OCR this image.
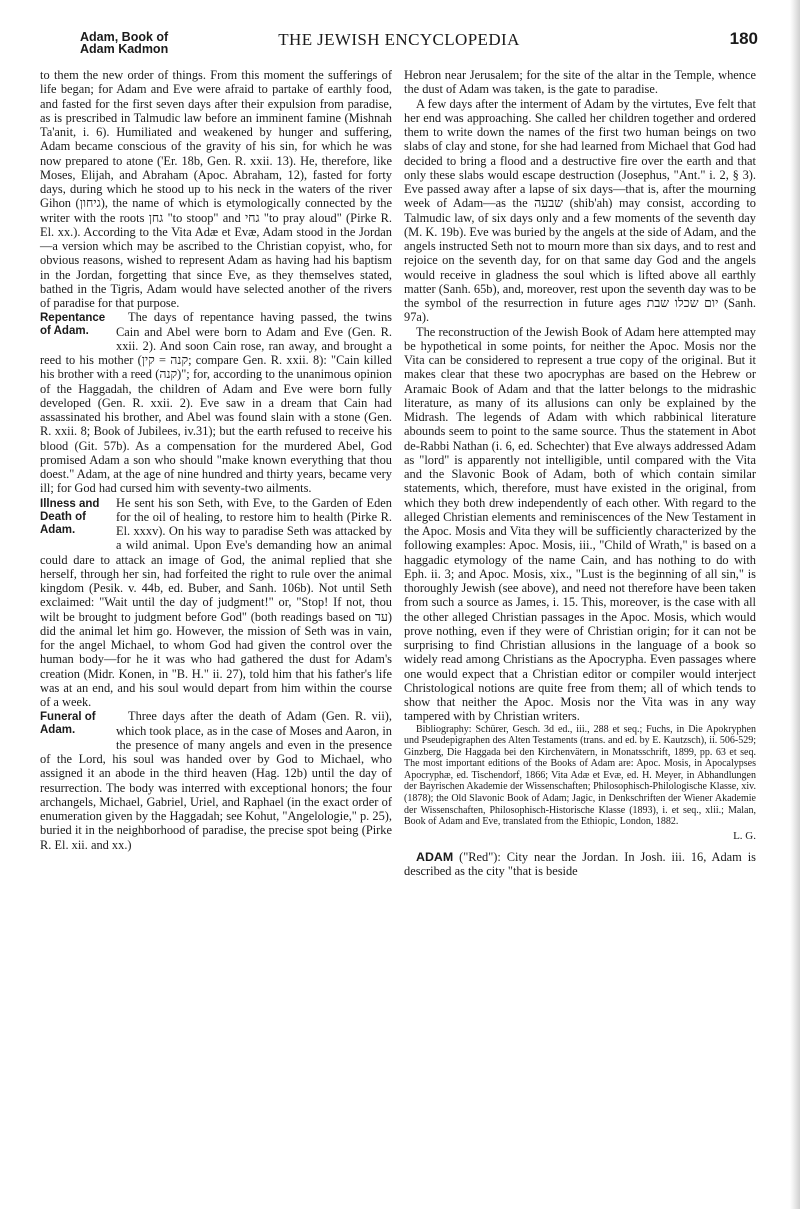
Adam, Book of
Adam Kadmon	THE JEWISH ENCYCLOPEDIA	180

to them the new order of things. From this moment the sufferings of life began; for Adam and Eve were afraid to partake of earthly food, and fasted for the first seven days after their expulsion from paradise, as is prescribed in Talmudic law before an imminent famine (Mishnah Ta'anit, i. 6). Humiliated and weakened by hunger and suffering, Adam became conscious of the gravity of his sin, for which he was now prepared to atone ('Er. 18b, Gen. R. xxii. 13). He, therefore, like Moses, Elijah, and Abraham (Apoc. Abraham, 12), fasted for forty days, during which he stood up to his neck in the waters of the river Gihon (גיחון), the name of which is etymologically connected by the writer with the roots גחן "to stoop" and גחי "to pray aloud" (Pirke R. El. xx.). According to the Vita Adæ et Evæ, Adam stood in the Jordan—a version which may be ascribed to the Christian copyist, who, for obvious reasons, wished to represent Adam as having had his baptism in the Jordan, forgetting that since Eve, as they themselves stated, bathed in the Tigris, Adam would have selected another of the rivers of paradise for that purpose.

Repentance of Adam.

The days of repentance having passed, the twins Cain and Abel were born to Adam and Eve (Gen. R. xxii. 2). And soon Cain rose, ran away, and brought a reed to his mother (קנה = קין; compare Gen. R. xxii. 8): "Cain killed his brother with a reed (קנה)"; for, according to the unanimous opinion of the Haggadah, the children of Adam and Eve were born fully developed (Gen. R. xxii. 2). Eve saw in a dream that Cain had assassinated his brother, and Abel was found slain with a stone (Gen. R. xxii. 8; Book of Jubilees, iv.31); but the earth refused to receive his blood (Git. 57b). As a compensation for the murdered Abel, God promised Adam a son who should "make known everything that thou doest." Adam, at the age of nine hundred and thirty years, became very ill; for God had cursed him with seventy-two ailments.

Illness and Death of Adam.

He sent his son Seth, with Eve, to the Garden of Eden for the oil of healing, to restore him to health (Pirke R. El. xxxv). On his way to paradise Seth was attacked by a wild animal. Upon Eve's demanding how an animal could dare to attack an image of God, the animal replied that she herself, through her sin, had forfeited the right to rule over the animal kingdom (Pesik. v. 44b, ed. Buber, and Sanh. 106b). Not until Seth exclaimed: "Wait until the day of judgment!" or, "Stop! If not, thou wilt be brought to judgment before God" (both readings based on עד) did the animal let him go. However, the mission of Seth was in vain, for the angel Michael, to whom God had given the control over the human body—for he it was who had gathered the dust for Adam's creation (Midr. Konen, in "B. H." ii. 27), told him that his father's life was at an end, and his soul would depart from him within the course of a week.

Funeral of Adam.

Three days after the death of Adam (Gen. R. vii), which took place, as in the case of Moses and Aaron, in the presence of many angels and even in the presence of the Lord, his soul was handed over by God to Michael, who assigned it an abode in the third heaven (Hag. 12b) until the day of resurrection. The body was interred with exceptional honors; the four archangels, Michael, Gabriel, Uriel, and Raphael (in the exact order of enumeration given by the Haggadah; see Kohut, "Angelologie," p. 25), buried it in the neighborhood of paradise, the precise spot being (Pirke R. El. xii. and xx.)

Hebron near Jerusalem; for the site of the altar in the Temple, whence the dust of Adam was taken, is the gate to paradise.

A few days after the interment of Adam by the virtutes, Eve felt that her end was approaching. She called her children together and ordered them to write down the names of the first two human beings on two slabs of clay and stone, for she had learned from Michael that God had decided to bring a flood and a destructive fire over the earth and that only these slabs would escape destruction (Josephus, "Ant." i. 2, § 3). Eve passed away after a lapse of six days—that is, after the mourning week of Adam—as the שבעה (shib'ah) may consist, according to Talmudic law, of six days only and a few moments of the seventh day (M. K. 19b). Eve was buried by the angels at the side of Adam, and the angels instructed Seth not to mourn more than six days, and to rest and rejoice on the seventh day, for on that same day God and the angels would receive in gladness the soul which is lifted above all earthly matter (Sanh. 65b), and, moreover, rest upon the seventh day was to be the symbol of the resurrection in future ages יום שכלו שבת (Sanh. 97a).

The reconstruction of the Jewish Book of Adam here attempted may be hypothetical in some points, for neither the Apoc. Mosis nor the Vita can be considered to represent a true copy of the original. But it makes clear that these two apocryphas are based on the Hebrew or Aramaic Book of Adam and that the latter belongs to the midrashic literature, as many of its allusions can only be explained by the Midrash. The legends of Adam with which rabbinical literature abounds seem to point to the same source. Thus the statement in Abot de-Rabbi Nathan (i. 6, ed. Schechter) that Eve always addressed Adam as "lord" is apparently not intelligible, until compared with the Vita and the Slavonic Book of Adam, both of which contain similar statements, which, therefore, must have existed in the original, from which they both drew independently of each other. With regard to the alleged Christian elements and reminiscences of the New Testament in the Apoc. Mosis and Vita they will be sufficiently characterized by the following examples: Apoc. Mosis, iii., "Child of Wrath," is based on a haggadic etymology of the name Cain, and has nothing to do with Eph. ii. 3; and Apoc. Mosis, xix., "Lust is the beginning of all sin," is thoroughly Jewish (see above), and need not therefore have been taken from such a source as James, i. 15. This, moreover, is the case with all the other alleged Christian passages in the Apoc. Mosis, which would prove nothing, even if they were of Christian origin; for it can not be surprising to find Christian allusions in the language of a book so widely read among Christians as the Apocrypha. Even passages where one would expect that a Christian editor or compiler would interject Christological notions are quite free from them; all of which tends to show that neither the Apoc. Mosis nor the Vita was in any way tampered with by Christian writers.

Bibliography: Schürer, Gesch. 3d ed., iii., 288 et seq.; Fuchs, in Die Apokryphen und Pseudepigraphen des Alten Testaments (trans. and ed. by E. Kautzsch), ii. 506-529; Ginzberg, Die Haggada bei den Kirchenvätern, in Monatsschrift, 1899, pp. 63 et seq. The most important editions of the Books of Adam are: Apoc. Mosis, in Apocalypses Apocryphæ, ed. Tischendorf, 1866; Vita Adæ et Evæ, ed. H. Meyer, in Abhandlungen der Bayrischen Akademie der Wissenschaften; Philosophisch-Philologische Klasse, xiv. (1878); the Old Slavonic Book of Adam; Jagic, in Denkschriften der Wiener Akademie der Wissenschaften, Philosophisch-Historische Klasse (1893), i. et seq., xlii.; Malan, Book of Adam and Eve, translated from the Ethiopic, London, 1882.

L. G.

ADAM ("Red"): City near the Jordan. In Josh. iii. 16, Adam is described as the city "that is beside
